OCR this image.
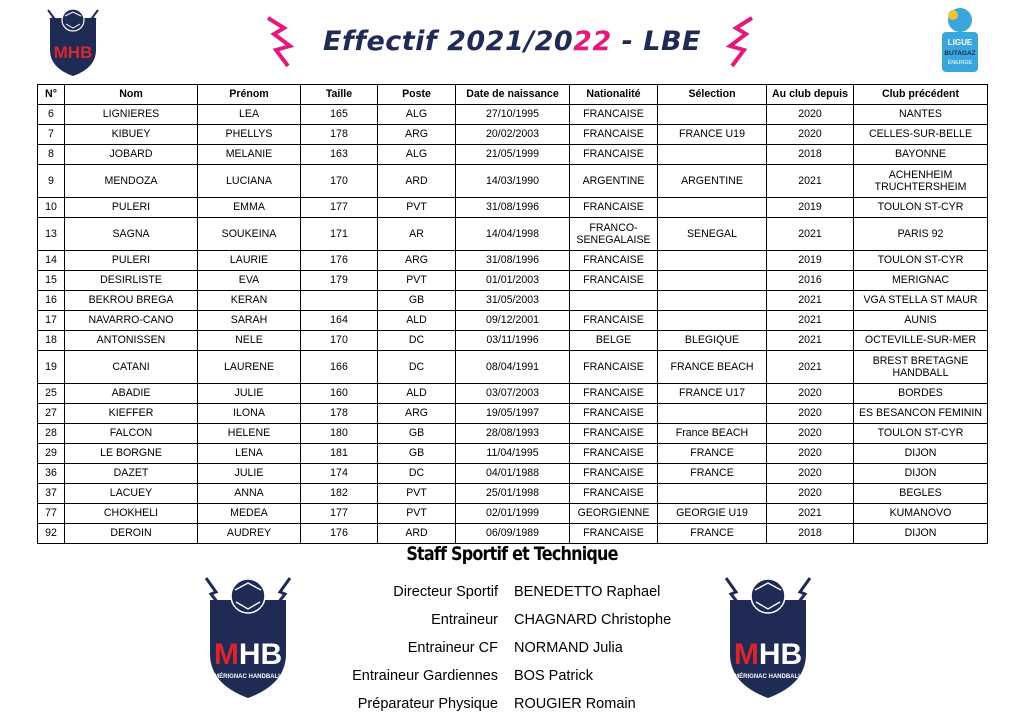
MHB	Effectif 2021/2022 - LBE	LIGUE
BUTAGAZ
ÉNERGIE
N°	Nom	Prénom	Taille	Poste	Date de naissance	Nationalité	Sélection	Au club depuis	Club précédent
6	LIGNIERES	LEA	165	ALG	27/10/1995	FRANCAISE		2020	NANTES
7	KIBUEY	PHELLYS	178	ARG	20/02/2003	FRANCAISE	FRANCE U19	2020	CELLES-SUR-BELLE
8	JOBARD	MELANIE	163	ALG	21/05/1999	FRANCAISE		2018	BAYONNE
9	MENDOZA	LUCIANA	170	ARD	14/03/1990	ARGENTINE	ARGENTINE	2021	ACHENHEIM TRUCHTERSHEIM
10	PULERI	EMMA	177	PVT	31/08/1996	FRANCAISE		2019	TOULON ST-CYR
13	SAGNA	SOUKEINA	171	AR	14/04/1998	FRANCO-SENEGALAISE	SENEGAL	2021	PARIS 92
14	PULERI	LAURIE	176	ARG	31/08/1996	FRANCAISE		2019	TOULON ST-CYR
15	DESIRLISTE	EVA	179	PVT	01/01/2003	FRANCAISE		2016	MERIGNAC
16	BEKROU BREGA	KERAN		GB	31/05/2003			2021	VGA STELLA ST MAUR
17	NAVARRO-CANO	SARAH	164	ALD	09/12/2001	FRANCAISE		2021	AUNIS
18	ANTONISSEN	NELE	170	DC	03/11/1996	BELGE	BLEGIQUE	2021	OCTEVILLE-SUR-MER
19	CATANI	LAURENE	166	DC	08/04/1991	FRANCAISE	FRANCE BEACH	2021	BREST BRETAGNE HANDBALL
25	ABADIE	JULIE	160	ALD	03/07/2003	FRANCAISE	FRANCE U17	2020	BORDES
27	KIEFFER	ILONA	178	ARG	19/05/1997	FRANCAISE		2020	ES BESANCON FEMININ
28	FALCON	HELENE	180	GB	28/08/1993	FRANCAISE	France BEACH	2020	TOULON ST-CYR
29	LE BORGNE	LENA	181	GB	11/04/1995	FRANCAISE	FRANCE	2020	DIJON
36	DAZET	JULIE	174	DC	04/01/1988	FRANCAISE	FRANCE	2020	DIJON
37	LACUEY	ANNA	182	PVT	25/01/1998	FRANCAISE		2020	BEGLES
77	CHOKHELI	MEDEA	177	PVT	02/01/1999	GEORGIENNE	GEORGIE U19	2021	KUMANOVO
92	DEROIN	AUDREY	176	ARD	06/09/1989	FRANCAISE	FRANCE	2018	DIJON
Staff Sportif et Technique
Directeur Sportif	BENEDETTO Raphael
Entraineur	CHAGNARD Christophe
Entraineur CF	NORMAND Julia
Entraineur Gardiennes	BOS Patrick
Préparateur Physique	ROUGIER Romain
MHB
MÉRIGNAC HANDBALL
MHB
MÉRIGNAC HANDBALL
